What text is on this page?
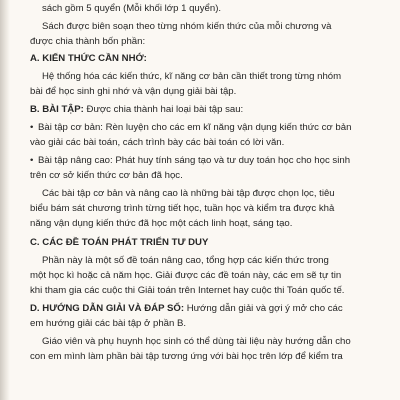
sách gồm 5 quyển (Mỗi khối lớp 1 quyển).
Sách được biên soạn theo từng nhóm kiến thức của mỗi chương và
được chia thành bốn phần:
A. KIẾN THỨC CẦN NHỚ:
Hệ thống hóa các kiến thức, kĩ năng cơ bản cần thiết trong từng nhóm
bài để học sinh ghi nhớ và vận dụng giải bài tập.
B. BÀI TẬP: Được chia thành hai loại bài tập sau:
• Bài tập cơ bản: Rèn luyện cho các em kĩ năng vận dụng kiến thức cơ bản
vào giải các bài toán, cách trình bày các bài toán có lời văn.
• Bài tập nâng cao: Phát huy tính sáng tạo và tư duy toán học cho học sinh
trên cơ sở kiến thức cơ bản đã học.
Các bài tập cơ bản và nâng cao là những bài tập được chọn lọc, tiêu
biểu bám sát chương trình từng tiết học, tuần học và kiểm tra được khả
năng vận dụng kiến thức đã học một cách linh hoạt, sáng tạo.
C. CÁC ĐỀ TOÁN PHÁT TRIỂN TƯ DUY
Phần này là một số đề toán nâng cao, tổng hợp các kiến thức trong
một học kì hoặc cả năm học. Giải được các đề toán này, các em sẽ tự tin
khi tham gia các cuộc thi Giải toán trên Internet hay cuộc thi Toán quốc tế.
D. HƯỚNG DẪN GIẢI VÀ ĐÁP SỐ: Hướng dẫn giải và gợi ý mở cho các
em hướng giải các bài tập ở phần B.
Giáo viên và phụ huynh học sinh có thể dùng tài liệu này hướng dẫn cho
con em mình làm phần bài tập tương ứng với bài học trên lớp để kiểm tra
